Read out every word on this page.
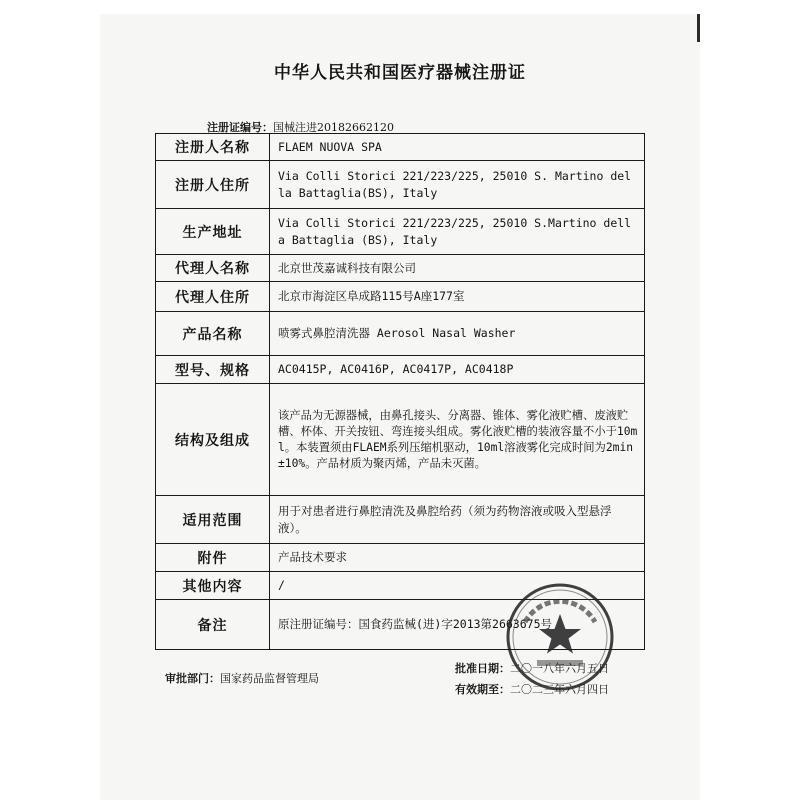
中华人民共和国医疗器械注册证
注册证编号：国械注进20182662120
注册人名称	FLAEM NUOVA SPA
注册人住所	Via Colli Storici 221/223/225, 25010 S. Martino della Battaglia(BS), Italy
生产地址	Via Colli Storici 221/223/225, 25010 S.Martino della Battaglia (BS), Italy
代理人名称	北京世茂嘉诚科技有限公司
代理人住所	北京市海淀区阜成路115号A座177室
产品名称	喷雾式鼻腔清洗器 Aerosol Nasal Washer
型号、规格	AC0415P, AC0416P, AC0417P, AC0418P
结构及组成	该产品为无源器械，由鼻孔接头、分离器、锥体、雾化液贮槽、废液贮槽、杯体、开关按钮、弯连接头组成。雾化液贮槽的装液容量不小于10ml。本装置须由FLAEM系列压缩机驱动，10ml溶液雾化完成时间为2min±10%。产品材质为聚丙烯，产品未灭菌。
适用范围	用于对患者进行鼻腔清洗及鼻腔给药（须为药物溶液或吸入型悬浮液）。
附件	产品技术要求
其他内容	/
备注	原注册证编号：国食药监械(进)字2013第2663675号
审批部门：国家药品监督管理局
批准日期：二〇一八年六月五日
有效期至：二〇二三年六月四日
